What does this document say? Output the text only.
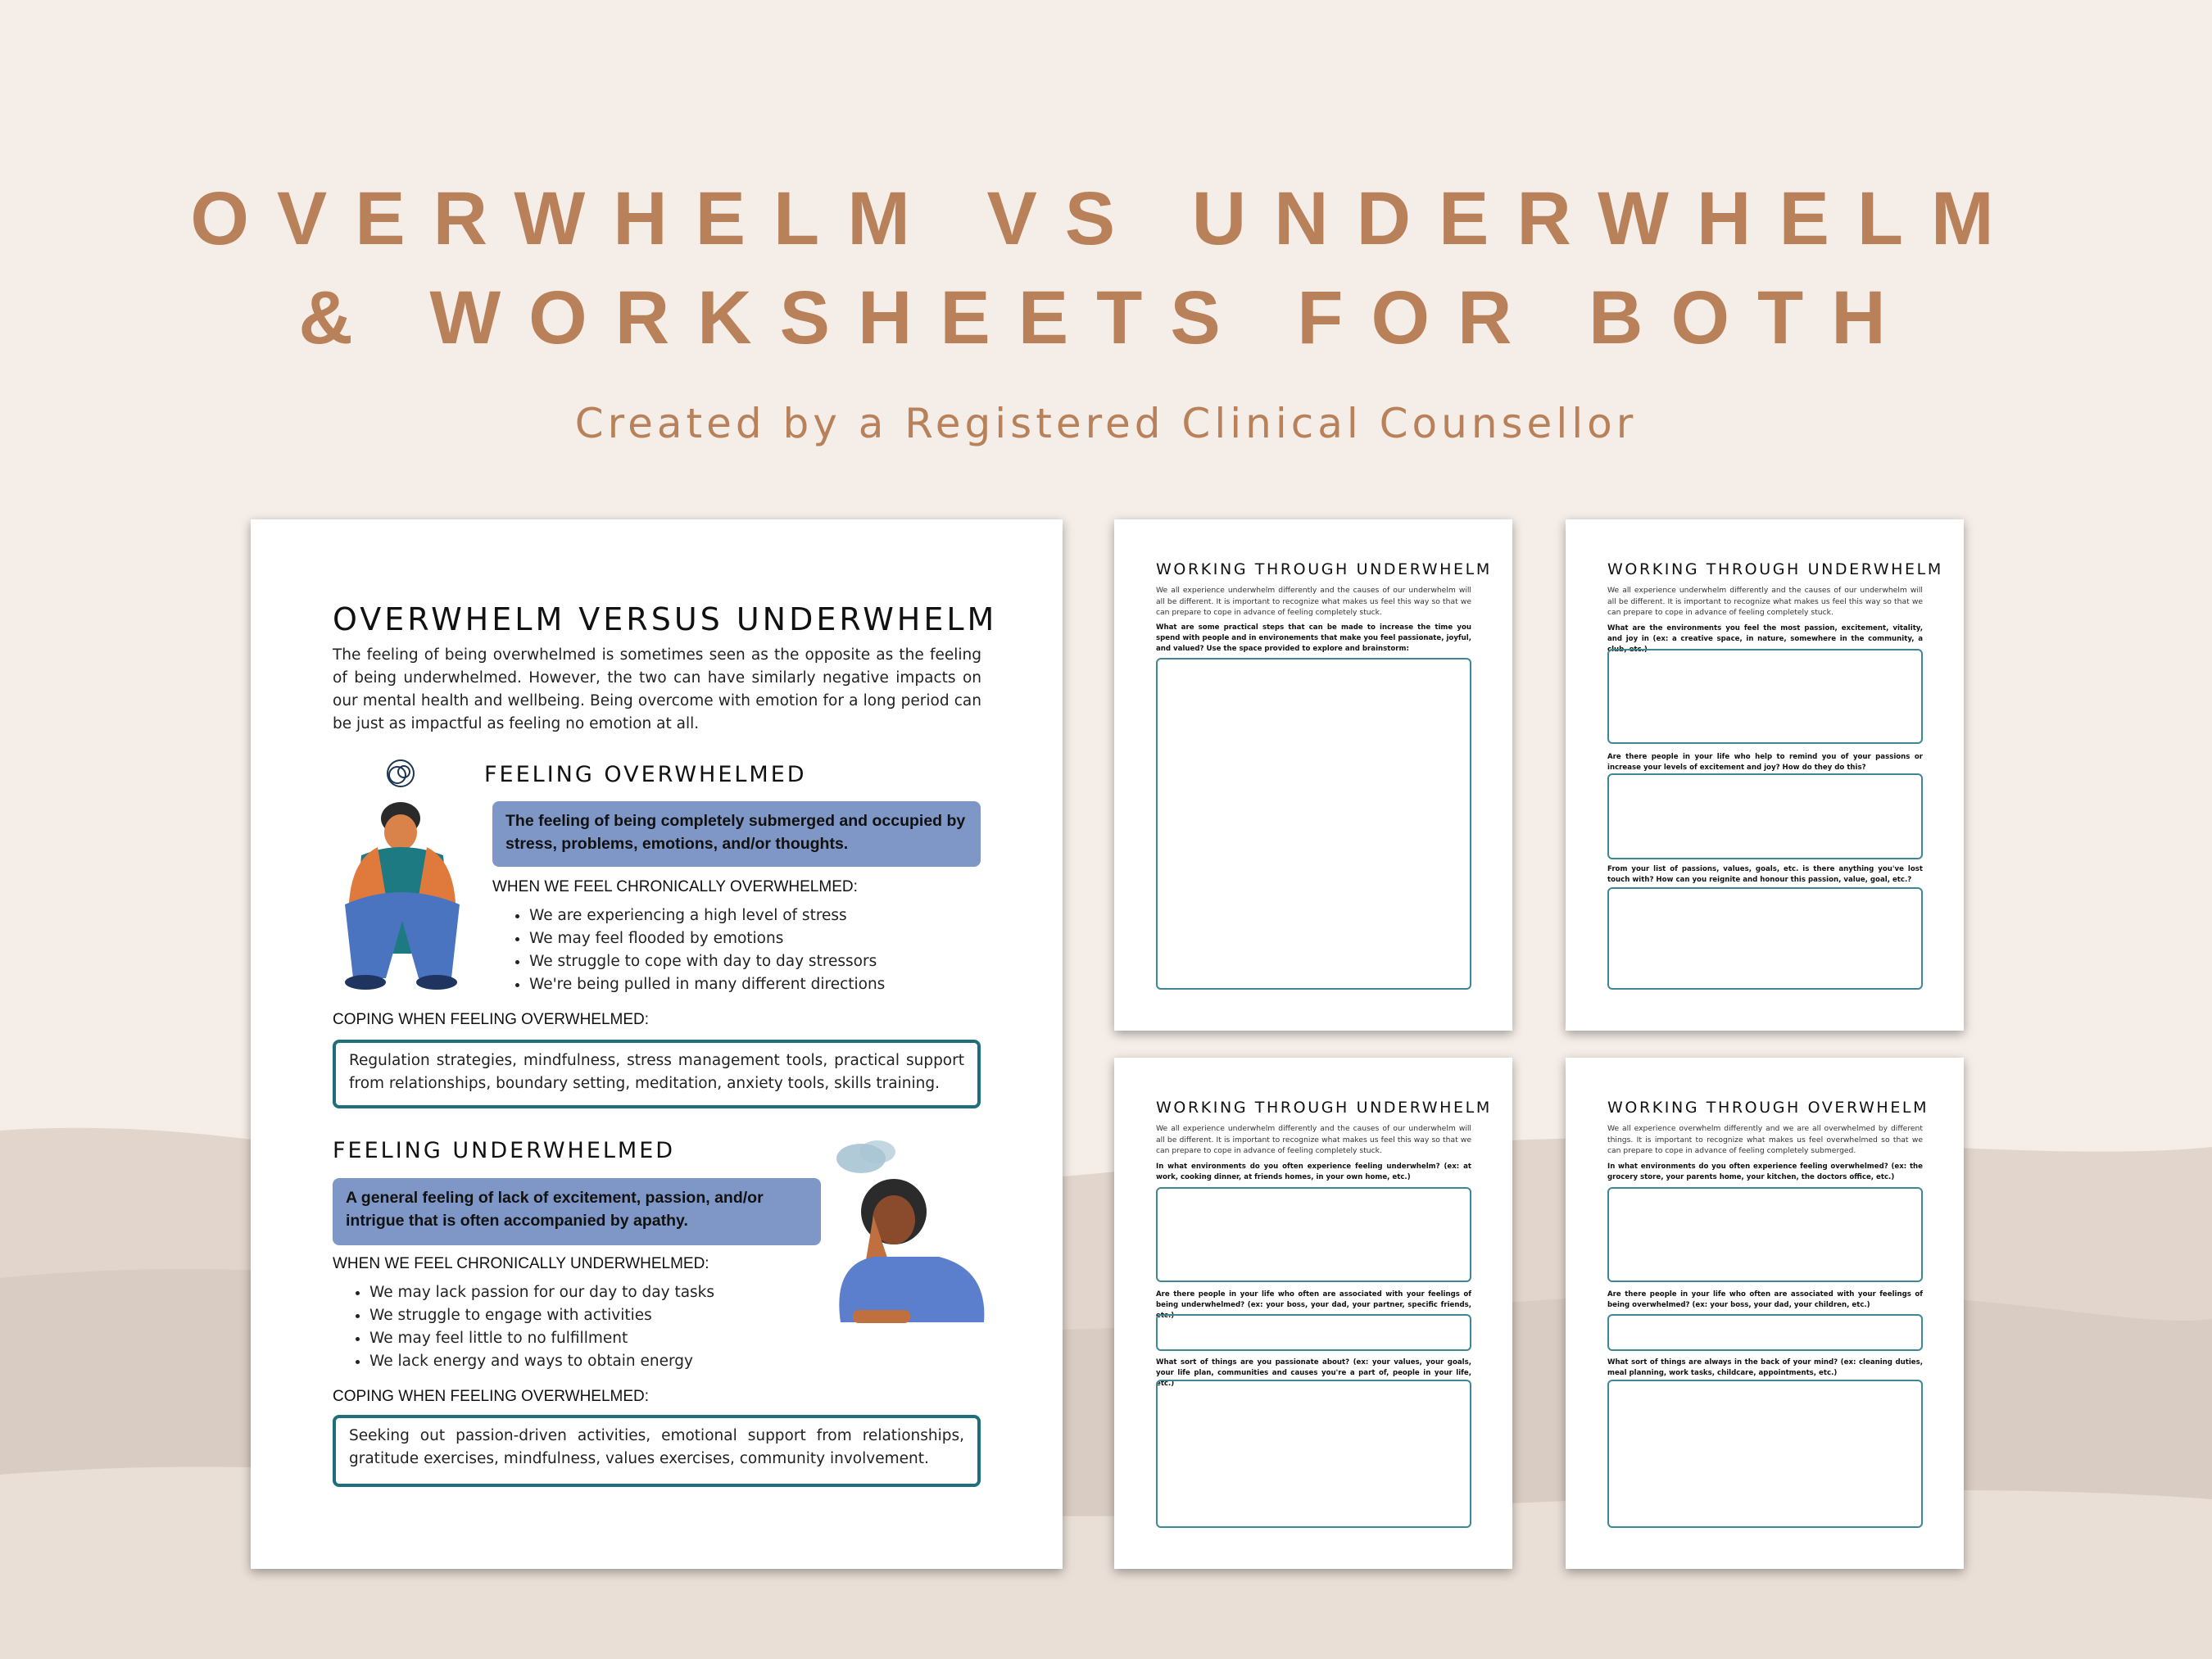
OVERWHELM VS UNDERWHELM
& WORKSHEETS FOR BOTH
Created by a Registered Clinical Counsellor
OVERWHELM VERSUS UNDERWHELM
The feeling of being overwhelmed is sometimes seen as the opposite as the feeling of being underwhelmed. However, the two can have similarly negative impacts on our mental health and wellbeing. Being overcome with emotion for a long period can be just as impactful as feeling no emotion at all.
FEELING OVERWHELMED
The feeling of being completely submerged and occupied by stress, problems, emotions, and/or thoughts.
WHEN WE FEEL CHRONICALLY OVERWHELMED:
• We are experiencing a high level of stress
• We may feel flooded by emotions
• We struggle to cope with day to day stressors
• We're being pulled in many different directions
COPING WHEN FEELING OVERWHELMED:
Regulation strategies, mindfulness, stress management tools, practical support from relationships, boundary setting, meditation, anxiety tools, skills training.
FEELING UNDERWHELMED
A general feeling of lack of excitement, passion, and/or intrigue that is often accompanied by apathy.
WHEN WE FEEL CHRONICALLY UNDERWHELMED:
• We may lack passion for our day to day tasks
• We struggle to engage with activities
• We may feel little to no fulfillment
• We lack energy and ways to obtain energy
COPING WHEN FEELING OVERWHELMED:
Seeking out passion-driven activities, emotional support from relationships, gratitude exercises, mindfulness, values exercises, community involvement.
WORKING THROUGH UNDERWHELM
We all experience underwhelm differently and the causes of our underwhelm will all be different. It is important to recognize what makes us feel this way so that we can prepare to cope in advance of feeling completely stuck.
What are some practical steps that can be made to increase the time you spend with people and in environements that make you feel passionate, joyful, and valued? Use the space provided to explore and brainstorm:
WORKING THROUGH UNDERWHELM
We all experience underwhelm differently and the causes of our underwhelm will all be different. It is important to recognize what makes us feel this way so that we can prepare to cope in advance of feeling completely stuck.
What are the environments you feel the most passion, excitement, vitality, and joy in (ex: a creative space, in nature, somewhere in the community, a club, etc.)
Are there people in your life who help to remind you of your passions or increase your levels of excitement and joy? How do they do this?
From your list of passions, values, goals, etc. is there anything you've lost touch with? How can you reignite and honour this passion, value, goal, etc.?
WORKING THROUGH UNDERWHELM
We all experience underwhelm differently and the causes of our underwhelm will all be different. It is important to recognize what makes us feel this way so that we can prepare to cope in advance of feeling completely stuck.
In what environments do you often experience feeling underwhelm? (ex: at work, cooking dinner, at friends homes, in your own home, etc.)
Are there people in your life who often are associated with your feelings of being underwhelmed? (ex: your boss, your dad, your partner, specific friends, etc.)
What sort of things are you passionate about? (ex: your values, your goals, your life plan, communities and causes you're a part of, people in your life, etc.)
WORKING THROUGH OVERWHELM
We all experience overwhelm differently and we are all overwhelmed by different things. It is important to recognize what makes us feel overwhelmed so that we can prepare to cope in advance of feeling completely submerged.
In what environments do you often experience feeling overwhelmed? (ex: the grocery store, your parents home, your kitchen, the doctors office, etc.)
Are there people in your life who often are associated with your feelings of being overwhelmed? (ex: your boss, your dad, your children, etc.)
What sort of things are always in the back of your mind? (ex: cleaning duties, meal planning, work tasks, childcare, appointments, etc.)
